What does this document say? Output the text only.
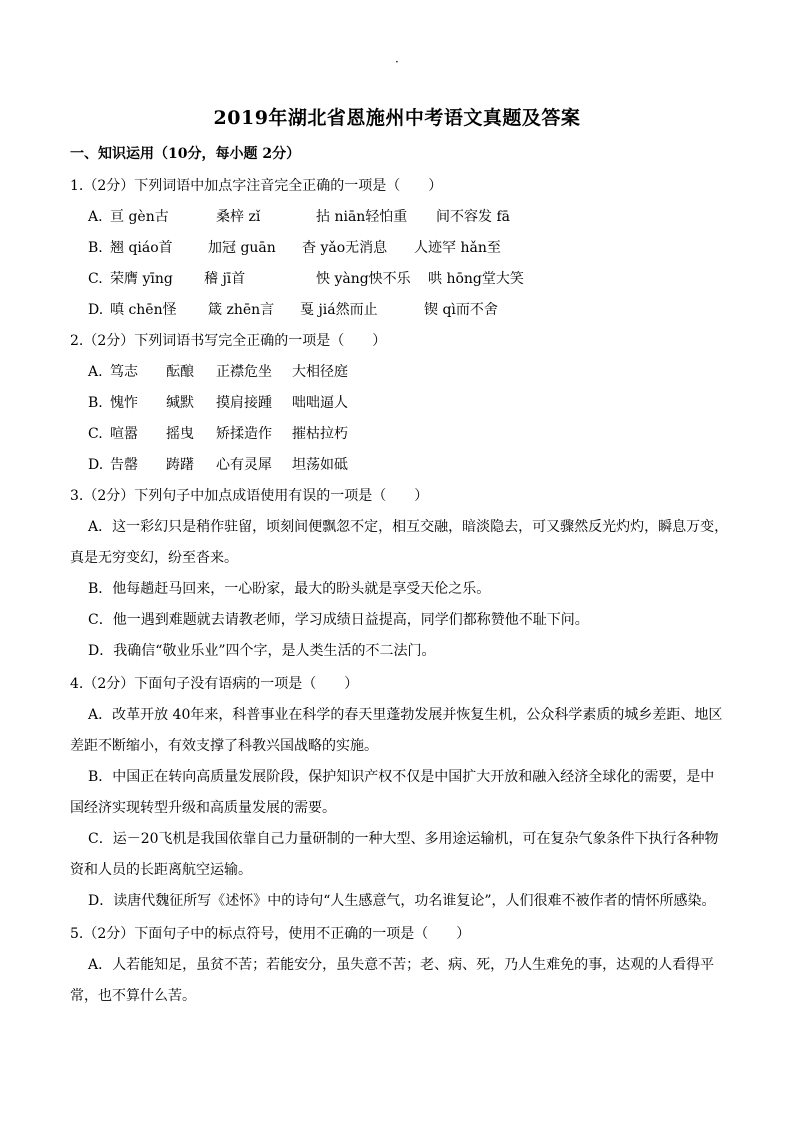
·
2019年湖北省恩施州中考语文真题及答案
一、知识运用（10分，每小题 2分）
1.（2分）下列词语中加点字注音完全正确的一项是（　　）
A. 亘 gèn古	桑梓 zǐ	拈 niān轻怕重 间不容发 fā
B. 翘 qiáo首	加冠 guān 杳 yǎo无消息 人迹罕 hǎn至
C. 荣膺 yīng 稽 jī首	怏 yàng怏不乐 哄 hōng堂大笑
D. 嗔 chēn怪 箴 zhēn言 戛 jiá然而止	锲 qì而不舍
2.（2分）下列词语书写完全正确的一项是（　　）
A. 笃志 酝酿 正襟危坐 大相径庭
B. 愧怍 缄默 摸肩接踵 咄咄逼人
C. 喧嚣 摇曳 矫揉造作 摧枯拉朽
D. 告罄 踌躇 心有灵犀 坦荡如砥
3.（2分）下列句子中加点成语使用有误的一项是（　　）
A．这一彩幻只是稍作驻留，顷刻间便飘忽不定，相互交融，暗淡隐去，可又骤然反光灼灼，瞬息万变，
真是无穷变幻，纷至沓来。
B．他每趟赶马回来，一心盼家，最大的盼头就是享受天伦之乐。
C．他一遇到难题就去请教老师，学习成绩日益提高，同学们都称赞他不耻下问。
D．我确信“敬业乐业”四个字，是人类生活的不二法门。
4.（2分）下面句子没有语病的一项是（　　）
A．改革开放 40年来，科普事业在科学的春天里蓬勃发展并恢复生机，公众科学素质的城乡差距、地区
差距不断缩小，有效支撑了科教兴国战略的实施。
B．中国正在转向高质量发展阶段，保护知识产权不仅是中国扩大开放和融入经济全球化的需要，是中
国经济实现转型升级和高质量发展的需要。
C．运－20飞机是我国依靠自己力量研制的一种大型、多用途运输机，可在复杂气象条件下执行各种物
资和人员的长距离航空运输。
D．读唐代魏征所写《述怀》中的诗句“人生感意气，功名谁复论”，人们很难不被作者的情怀所感染。
5.（2分）下面句子中的标点符号，使用不正确的一项是（　　）
A．人若能知足，虽贫不苦；若能安分，虽失意不苦；老、病、死，乃人生难免的事，达观的人看得平
常，也不算什么苦。
